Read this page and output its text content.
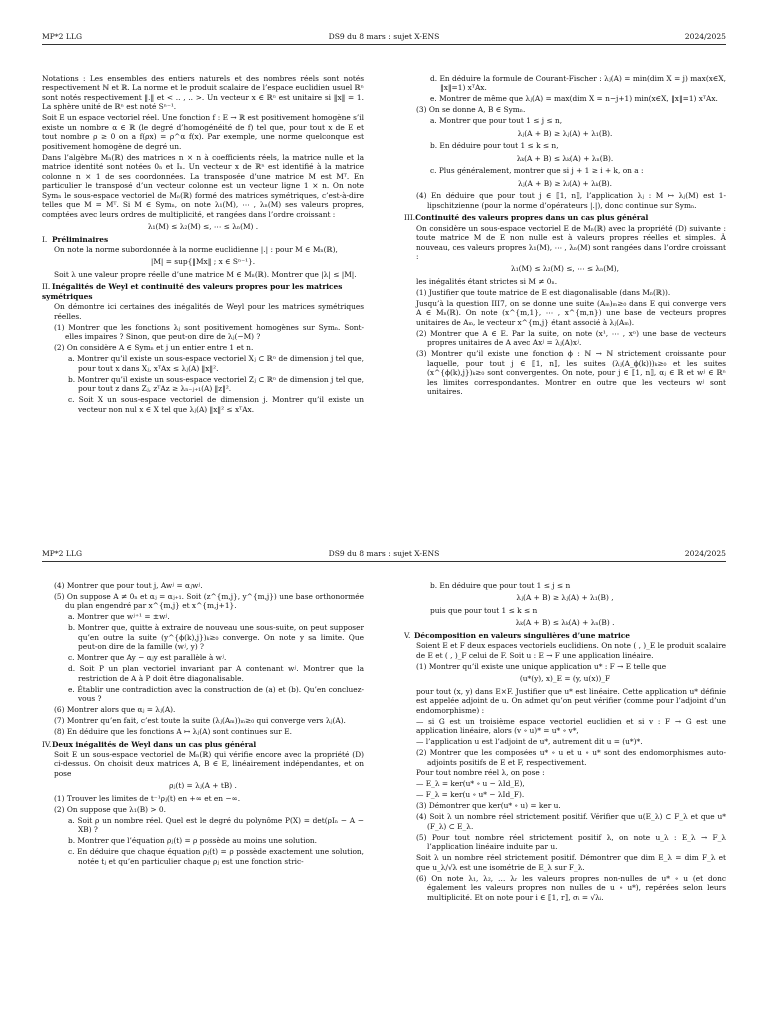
MP*2 LLG	DS9 du 8 mars : sujet X-ENS	2024/2025

Notations : Les ensembles des entiers naturels et des nombres réels sont notés respectivement ℕ et ℝ. La norme et le produit scalaire de l’espace euclidien usuel ℝⁿ sont notés respectivement ‖.‖ et < .. , .. >. Un vecteur x ∈ ℝⁿ est unitaire si ‖x‖ = 1. La sphère unité de ℝⁿ est noté Sⁿ⁻¹.

Soit E un espace vectoriel réel. Une fonction f : E → ℝ est positivement homogène s’il existe un nombre α ∈ ℝ (le degré d’homogénéité de f) tel que, pour tout x de E et tout nombre ρ ≥ 0 on a f(ρx) = ρ^α f(x). Par exemple, une norme quelconque est positivement homogène de degré un.

Dans l’algèbre Mₙ(ℝ) des matrices n × n à coefficients réels, la matrice nulle et la matrice identité sont notées 0ₙ et Iₙ. Un vecteur x de ℝⁿ est identifié à la matrice colonne n × 1 de ses coordonnées. La transposée d’une matrice M est Mᵀ. En particulier le transposé d’un vecteur colonne est un vecteur ligne 1 × n. On note Symₙ le sous-espace vectoriel de Mₙ(ℝ) formé des matrices symétriques, c’est-à-dire telles que M = Mᵀ. Si M ∈ Symₙ, on note λ₁(M), ⋯ , λₙ(M) ses valeurs propres, comptées avec leurs ordres de multiplicité, et rangées dans l’ordre croissant :

λ₁(M) ≤ λ₂(M) ≤, ⋯ ≤ λₙ(M) .

I.Préliminaires

On note la norme subordonnée à la norme euclidienne |.| : pour M ∈ Mₙ(ℝ),

|M| = sup{‖Mx‖ ; x ∈ Sⁿ⁻¹}.

Soit λ une valeur propre réelle d’une matrice M ∈ Mₙ(ℝ). Montrer que |λ| ≤ |M|.

II.Inégalités de Weyl et continuité des valeurs propres pour les matrices symétriques

On démontre ici certaines des inégalités de Weyl pour les matrices symétriques réelles.

(1) Montrer que les fonctions λⱼ sont positivement homogènes sur Symₙ. Sont-elles impaires ? Sinon, que peut-on dire de λⱼ(−M) ?

(2) On considère A ∈ Symₙ et j un entier entre 1 et n.

a. Montrer qu’il existe un sous-espace vectoriel Xⱼ ⊂ ℝⁿ de dimension j tel que, pour tout x dans Xⱼ, xᵀAx ≤ λⱼ(A) ‖x‖².

b. Montrer qu’il existe un sous-espace vectoriel Zⱼ ⊂ ℝⁿ de dimension j tel que, pour tout z dans Zⱼ, zᵀAz ≥ λₙ₋ⱼ₊₁(A) ‖z‖².

c. Soit X un sous-espace vectoriel de dimension j. Montrer qu’il existe un vecteur non nul x ∈ X tel que λⱼ(A) ‖x‖² ≤ xᵀAx.

d. En déduire la formule de Courant-Fischer : λⱼ(A) = min(dim X = j) max(x∈X, ‖x‖=1) xᵀAx.

e. Montrer de même que λⱼ(A) = max(dim X = n−j+1) min(x∈X, ‖x‖=1) xᵀAx.

(3) On se donne A, B ∈ Symₙ.

a. Montrer que pour tout 1 ≤ j ≤ n,

λⱼ(A + B) ≥ λⱼ(A) + λ₁(B).

b. En déduire pour tout 1 ≤ k ≤ n,

λₖ(A + B) ≤ λₖ(A) + λₙ(B).

c. Plus généralement, montrer que si j + 1 ≥ i + k, on a :

λⱼ(A + B) ≥ λᵢ(A) + λₖ(B).

(4) En déduire que pour tout j ∈ ⟦1, n⟧, l’application λⱼ : M ↦ λⱼ(M) est 1-lipschitzienne (pour la norme d’opérateurs |.|), donc continue sur Symₙ.

III.Continuité des valeurs propres dans un cas plus général

On considère un sous-espace vectoriel E de Mₙ(ℝ) avec la propriété (D) suivante : toute matrice M de E non nulle est à valeurs propres réelles et simples. À nouveau, ces valeurs propres λ₁(M), ⋯ , λₙ(M) sont rangées dans l’ordre croissant :

λ₁(M) ≤ λ₂(M) ≤, ⋯ ≤ λₙ(M),

les inégalités étant strictes si M ≠ 0ₙ.

(1) Justifier que toute matrice de E est diagonalisable (dans Mₙ(ℝ)).

Jusqu’à la question III7, on se donne une suite (Aₘ)ₘ≥₀ dans E qui converge vers A ∈ Mₙ(ℝ). On note (x^{m,1}, ⋯ , x^{m,n}) une base de vecteurs propres unitaires de Aₘ, le vecteur x^{m,j} étant associé à λⱼ(Aₘ).

(2) Montrer que A ∈ E. Par la suite, on note (x¹, ⋯ , xⁿ) une base de vecteurs propres unitaires de A avec Axʲ = λⱼ(A)xʲ.

(3) Montrer qu’il existe une fonction ϕ : ℕ → ℕ strictement croissante pour laquelle, pour tout j ∈ ⟦1, n⟧, les suites (λⱼ(A_ϕ(k)))ₖ≥₀ et les suites (x^{ϕ(k),j})ₖ≥₀ sont convergentes. On note, pour j ∈ ⟦1, n⟧, αⱼ ∈ ℝ et wʲ ∈ ℝⁿ les limites correspondantes. Montrer en outre que les vecteurs wʲ sont unitaires.

MP*2 LLG	DS9 du 8 mars : sujet X-ENS	2024/2025

(4) Montrer que pour tout j, Awʲ = αⱼwʲ.

(5) On suppose A ≠ 0ₙ et αⱼ = αⱼ₊₁. Soit (z^{m,j}, y^{m,j}) une base orthonormée du plan engendré par x^{m,j} et x^{m,j+1}.

a. Montrer que wʲ⁺¹ = ±wʲ.

b. Montrer que, quitte à extraire de nouveau une sous-suite, on peut supposer qu’en outre la suite (y^{ϕ(k),j})ₖ≥₀ converge. On note y sa limite. Que peut-on dire de la famille (wʲ, y) ?

c. Montrer que Ay − αⱼy est parallèle à wʲ.

d. Soit P un plan vectoriel invariant par A contenant wʲ. Montrer que la restriction de A à P doit être diagonalisable.

e. Établir une contradiction avec la construction de (a) et (b). Qu’en concluez-vous ?

(6) Montrer alors que αⱼ = λⱼ(A).

(7) Montrer qu’en fait, c’est toute la suite (λⱼ(Aₘ))ₘ≥₀ qui converge vers λⱼ(A).

(8) En déduire que les fonctions A ↦ λⱼ(A) sont continues sur E.

IV.Deux inégalités de Weyl dans un cas plus général

Soit E un sous-espace vectoriel de Mₙ(ℝ) qui vérifie encore avec la propriété (D) ci-dessus. On choisit deux matrices A, B ∈ E, linéairement indépendantes, et on pose

ρⱼ(t) = λⱼ(A + tB) .

(1) Trouver les limites de t⁻¹ρⱼ(t) en +∞ et en −∞.

(2) On suppose que λ₁(B) > 0.

a. Soit ρ un nombre réel. Quel est le degré du polynôme P(X) = det(ρIₙ − A − XB) ?

b. Montrer que l’équation ρⱼ(t) = ρ possède au moins une solution.

c. En déduire que chaque équation ρⱼ(t) = ρ possède exactement une solution, notée tⱼ et qu’en particulier chaque ρⱼ est une fonction stric-

b. En déduire que pour tout 1 ≤ j ≤ n

λⱼ(A + B) ≥ λⱼ(A) + λ₁(B) ,

puis que pour tout 1 ≤ k ≤ n

λₖ(A + B) ≤ λₖ(A) + λₙ(B) .

V.Décomposition en valeurs singulières d’une matrice

Soient E et F deux espaces vectoriels euclidiens. On note ( , )_E le produit scalaire de E et ( , )_F celui de F. Soit u : E → F une application linéaire.

(1) Montrer qu’il existe une unique application u* : F → E telle que

(u*(y), x)_E = (y, u(x))_F

pour tout (x, y) dans E×F. Justifier que u* est linéaire. Cette application u* définie est appelée adjoint de u. On admet qu’on peut vérifier (comme pour l’adjoint d’un endomorphisme) :

— si G est un troisième espace vectoriel euclidien et si v : F → G est une application linéaire, alors (v ∘ u)* = u* ∘ v*,

— l’application u est l’adjoint de u*, autrement dit u = (u*)*.

(2) Montrer que les composées u* ∘ u et u ∘ u* sont des endomorphismes auto-adjoints positifs de E et F, respectivement.

Pour tout nombre réel λ, on pose :

— E_λ = ker(u* ∘ u − λId_E),

— F_λ = ker(u ∘ u* − λId_F).

(3) Démontrer que ker(u* ∘ u) = ker u.

(4) Soit λ un nombre réel strictement positif. Vérifier que u(E_λ) ⊂ F_λ et que u*(F_λ) ⊂ E_λ.

(5) Pour tout nombre réel strictement positif λ, on note u_λ : E_λ → F_λ l’application linéaire induite par u.

Soit λ un nombre réel strictement positif. Démontrer que dim E_λ = dim F_λ et que u_λ/√λ est une isométrie de E_λ sur F_λ.

(6) On note λ₁, λ₂, … λᵣ les valeurs propres non-nulles de u* ∘ u (et donc également les valeurs propres non nulles de u ∘ u*), repérées selon leurs multiplicité. Et on note pour i ∈ ⟦1, r⟧, σᵢ = √λᵢ.
